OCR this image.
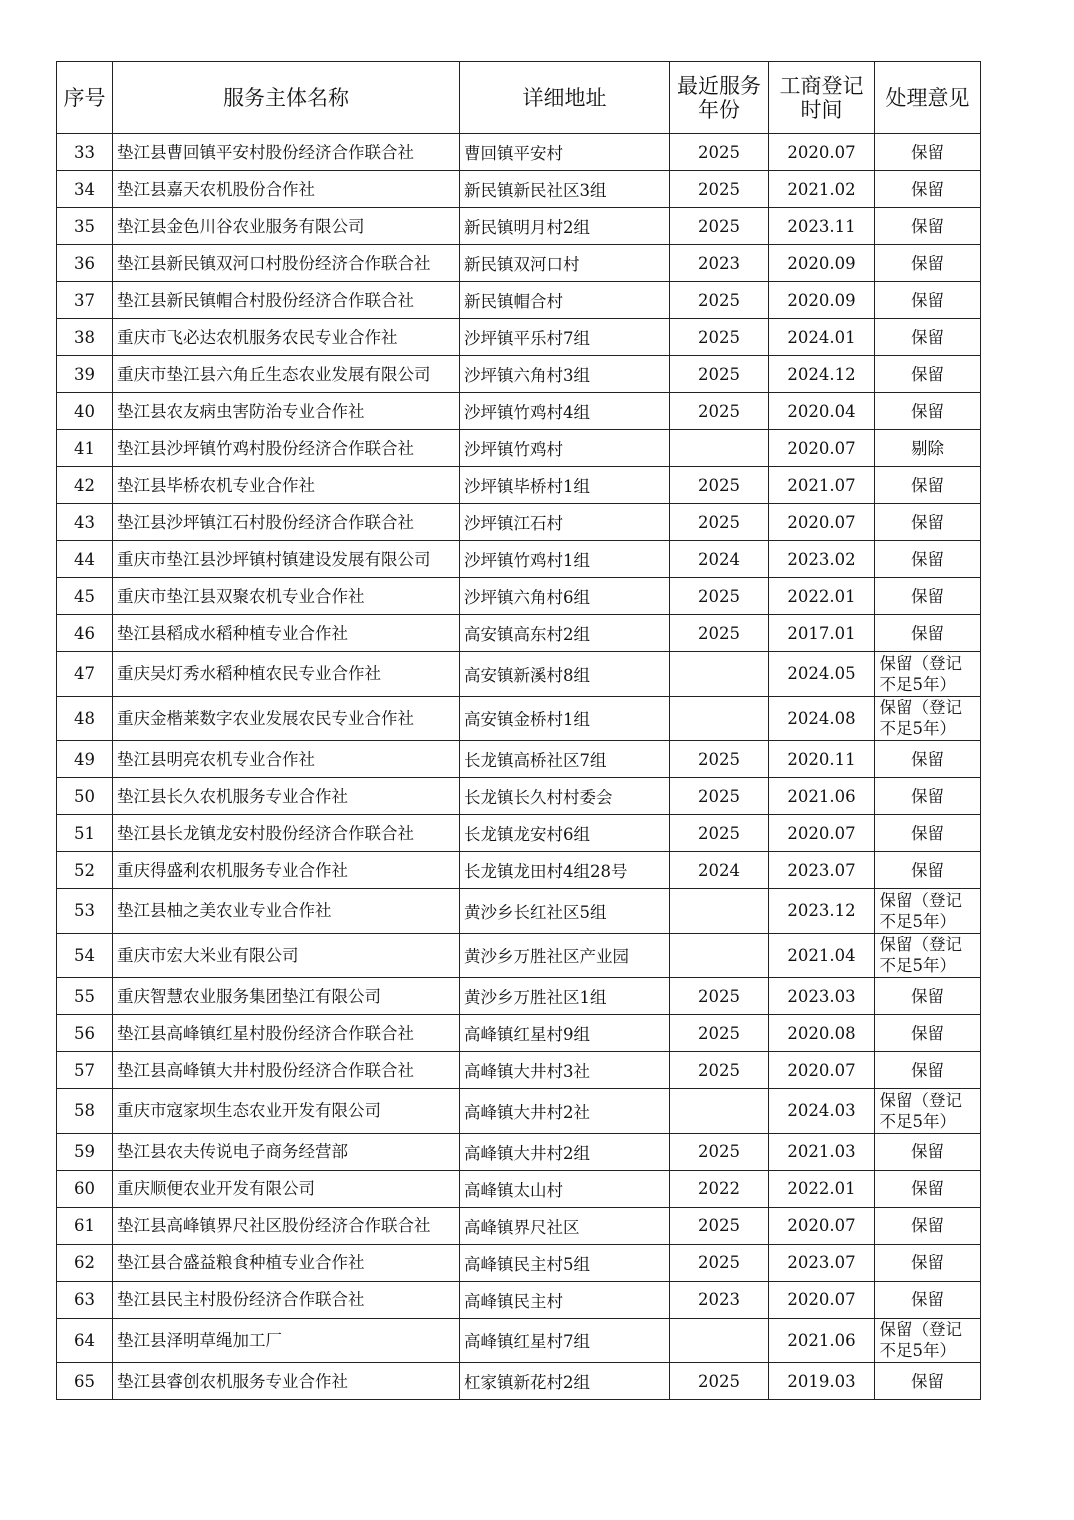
序号	服务主体名称	详细地址	最近服务年份	工商登记时间	处理意见

33	垫江县曹回镇平安村股份经济合作联合社	曹回镇平安村	2025	2020.07	保留

34	垫江县嘉天农机股份合作社	新民镇新民社区3组	2025	2021.02	保留

35	垫江县金色川谷农业服务有限公司	新民镇明月村2组	2025	2023.11	保留

36	垫江县新民镇双河口村股份经济合作联合社	新民镇双河口村	2023	2020.09	保留

37	垫江县新民镇帽合村股份经济合作联合社	新民镇帽合村	2025	2020.09	保留

38	重庆市飞必达农机服务农民专业合作社	沙坪镇平乐村7组	2025	2024.01	保留

39	重庆市垫江县六角丘生态农业发展有限公司	沙坪镇六角村3组	2025	2024.12	保留

40	垫江县农友病虫害防治专业合作社	沙坪镇竹鸡村4组	2025	2020.04	保留

41	垫江县沙坪镇竹鸡村股份经济合作联合社	沙坪镇竹鸡村		2020.07	剔除

42	垫江县毕桥农机专业合作社	沙坪镇毕桥村1组	2025	2021.07	保留

43	垫江县沙坪镇江石村股份经济合作联合社	沙坪镇江石村	2025	2020.07	保留

44	重庆市垫江县沙坪镇村镇建设发展有限公司	沙坪镇竹鸡村1组	2024	2023.02	保留

45	重庆市垫江县双聚农机专业合作社	沙坪镇六角村6组	2025	2022.01	保留

46	垫江县稻成水稻种植专业合作社	高安镇高东村2组	2025	2017.01	保留

47	重庆吴灯秀水稻种植农民专业合作社	高安镇新溪村8组		2024.05	保留（登记不足5年）

48	重庆金楷莱数字农业发展农民专业合作社	高安镇金桥村1组		2024.08	保留（登记不足5年）

49	垫江县明亮农机专业合作社	长龙镇高桥社区7组	2025	2020.11	保留

50	垫江县长久农机服务专业合作社	长龙镇长久村村委会	2025	2021.06	保留

51	垫江县长龙镇龙安村股份经济合作联合社	长龙镇龙安村6组	2025	2020.07	保留

52	重庆得盛利农机服务专业合作社	长龙镇龙田村4组28号	2024	2023.07	保留

53	垫江县柚之美农业专业合作社	黄沙乡长红社区5组		2023.12	保留（登记不足5年）

54	重庆市宏大米业有限公司	黄沙乡万胜社区产业园		2021.04	保留（登记不足5年）

55	重庆智慧农业服务集团垫江有限公司	黄沙乡万胜社区1组	2025	2023.03	保留

56	垫江县高峰镇红星村股份经济合作联合社	高峰镇红星村9组	2025	2020.08	保留

57	垫江县高峰镇大井村股份经济合作联合社	高峰镇大井村3社	2025	2020.07	保留

58	重庆市寇家坝生态农业开发有限公司	高峰镇大井村2社		2024.03	保留（登记不足5年）

59	垫江县农夫传说电子商务经营部	高峰镇大井村2组	2025	2021.03	保留

60	重庆顺便农业开发有限公司	高峰镇太山村	2022	2022.01	保留

61	垫江县高峰镇界尺社区股份经济合作联合社	高峰镇界尺社区	2025	2020.07	保留

62	垫江县合盛益粮食种植专业合作社	高峰镇民主村5组	2025	2023.07	保留

63	垫江县民主村股份经济合作联合社	高峰镇民主村	2023	2020.07	保留

64	垫江县泽明草绳加工厂	高峰镇红星村7组		2021.06	保留（登记不足5年）

65	垫江县睿创农机服务专业合作社	杠家镇新花村2组	2025	2019.03	保留
